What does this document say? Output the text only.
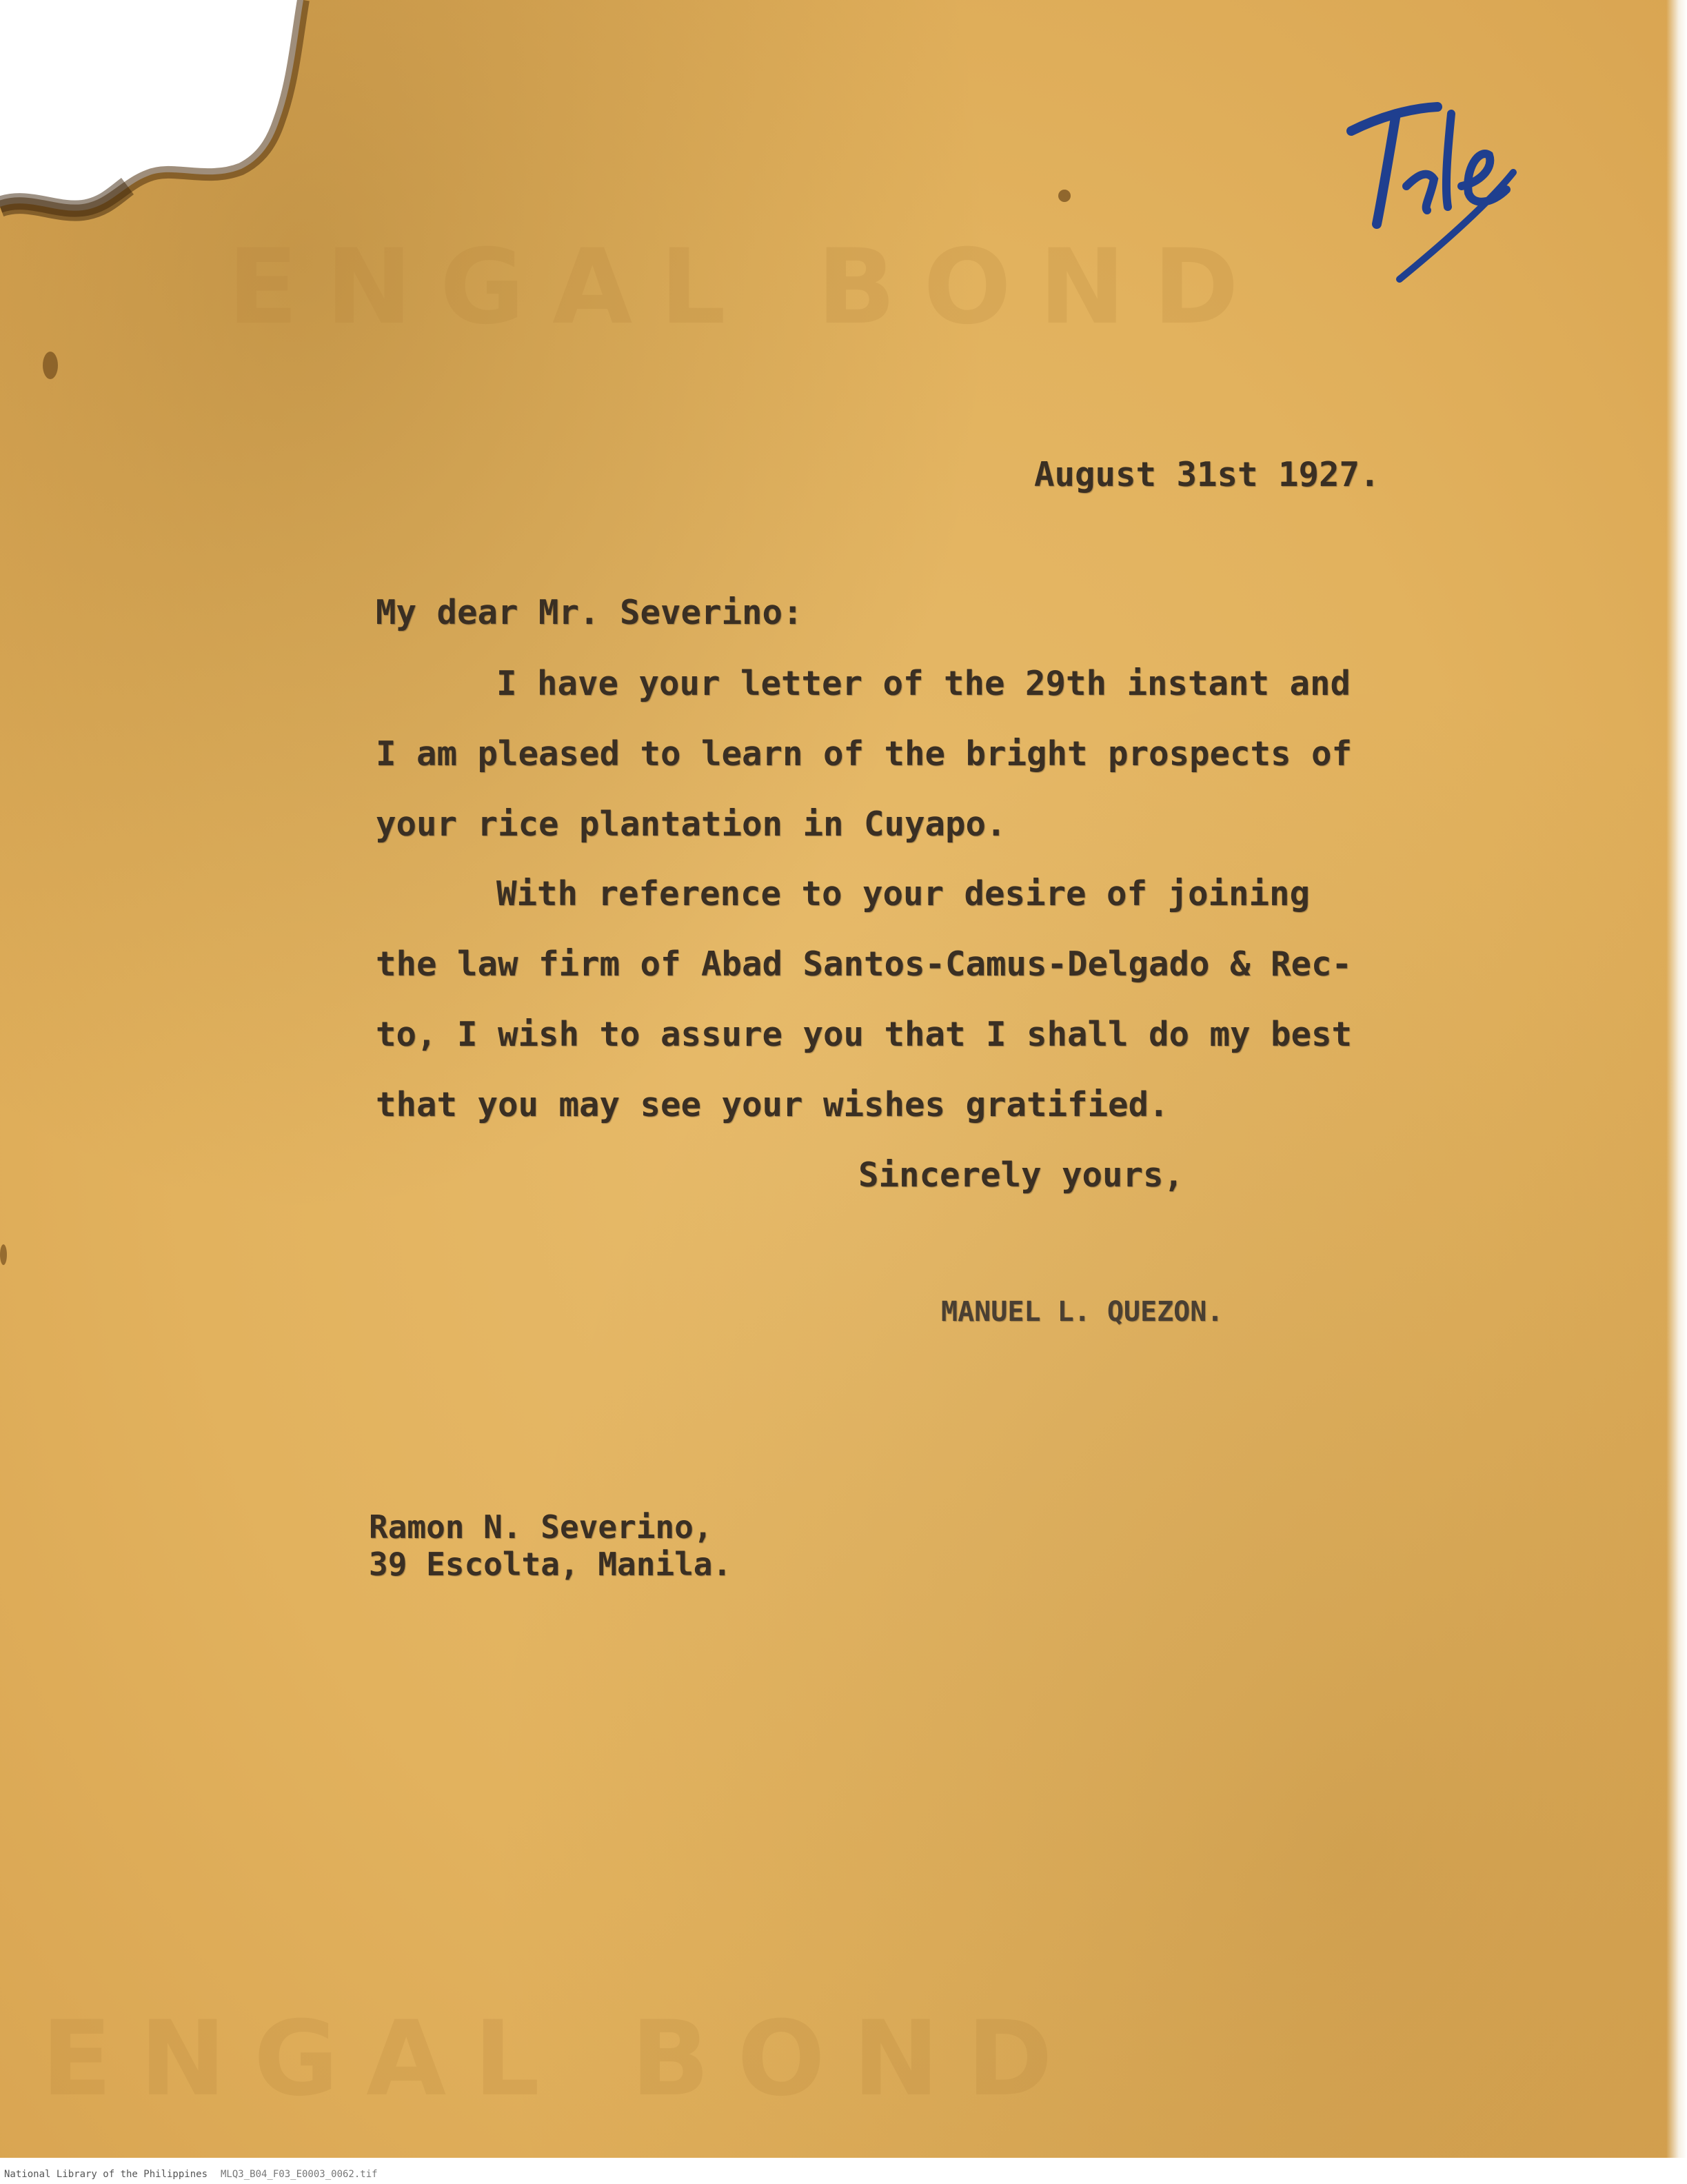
ENGAL BOND
ENGAL BOND
August 31st 1927.
My dear Mr. Severino:
I have your letter of the 29th instant and
I am pleased to learn of the bright prospects of
your rice plantation in Cuyapo.
With reference to your desire of joining
the law firm of Abad Santos-Camus-Delgado & Rec-
to, I wish to assure you that I shall do my best
that you may see your wishes gratified.
Sincerely yours,
MANUEL L. QUEZON.
Ramon N. Severino,
39 Escolta, Manila.
National Library of the Philippines MLQ3_B04_F03_E0003_0062.tif
